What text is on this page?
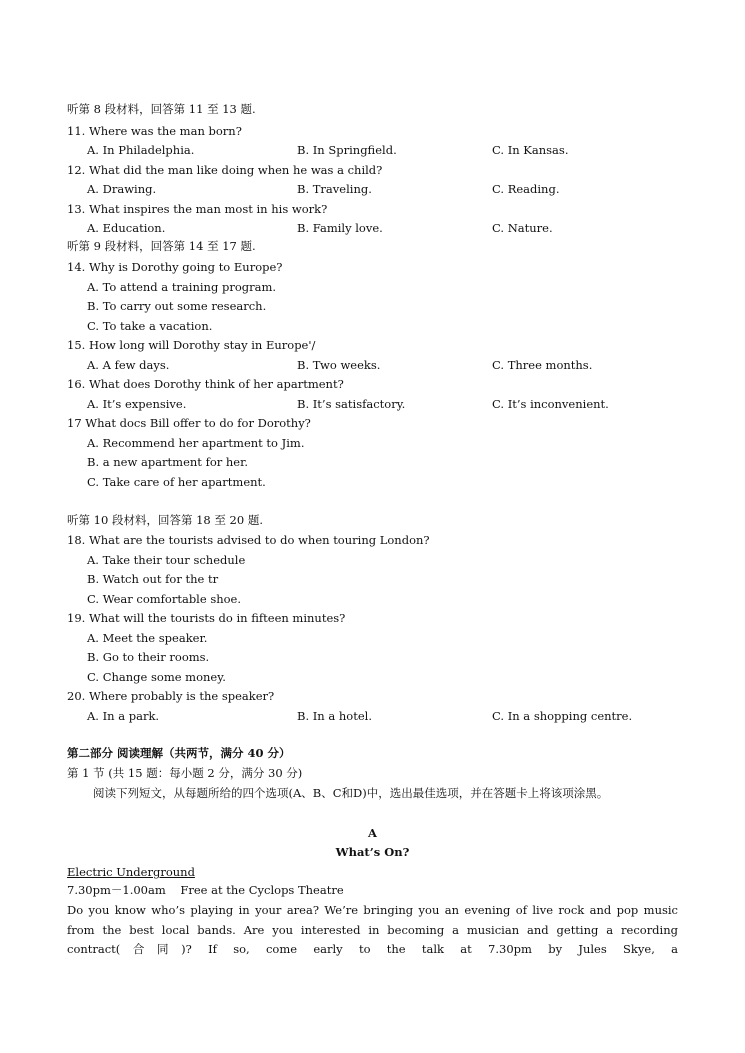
听第 8 段材料，回答第 11 至 13 题.
11. Where was the man born?
A. In Philadelphia.	B. In Springfield.	C. In Kansas.
12. What did the man like doing when he was a child?
A. Drawing.	B. Traveling.	C. Reading.
13. What inspires the man most in his work?
A. Education.	B. Family love.	C. Nature.
听第 9 段材料，回答第 14 至 17 题.
14. Why is Dorothy going to Europe?
A. To attend a training program.
B. To carry out some research.
C. To take a vacation.
15. How long will Dorothy stay in Europe'/
A. A few days.	B. Two weeks.	C. Three months.
16. What does Dorothy think of her apartment?
A. It’s expensive.	B. It’s satisfactory.	C. It’s inconvenient.
17 What docs Bill offer to do for Dorothy?
A. Recommend her apartment to Jim.
B. a new apartment for her.
C. Take care of her apartment.
听第 10 段材料，回答第 18 至 20 题.
18. What are the tourists advised to do when touring London?
A. Take their tour schedule
B. Watch out for the tr
C. Wear comfortable shoe.
19. What will the tourists do in fifteen minutes?
A. Meet the speaker.
B. Go to their rooms.
C. Change some money.
20. Where probably is the speaker?
A. In a park.	B. In a hotel.	C. In a shopping centre.
第二部分 阅读理解（共两节，满分 40 分）
第 1 节 (共 15 题：每小题 2 分，满分 30 分)
阅读下列短文，从每题所给的四个选项(A、B、C和D)中，选出最佳选项，并在答题卡上将该项涂黑。
A
What’s On?
Electric Underground
7.30pm－1.00am    Free at the Cyclops Theatre
Do you know who’s playing in your area? We’re bringing you an evening of live rock and pop music from the best local bands. Are you interested in becoming a musician and getting a recording contract(合同)? If so, come early to the talk at 7.30pm by Jules Skye, a
